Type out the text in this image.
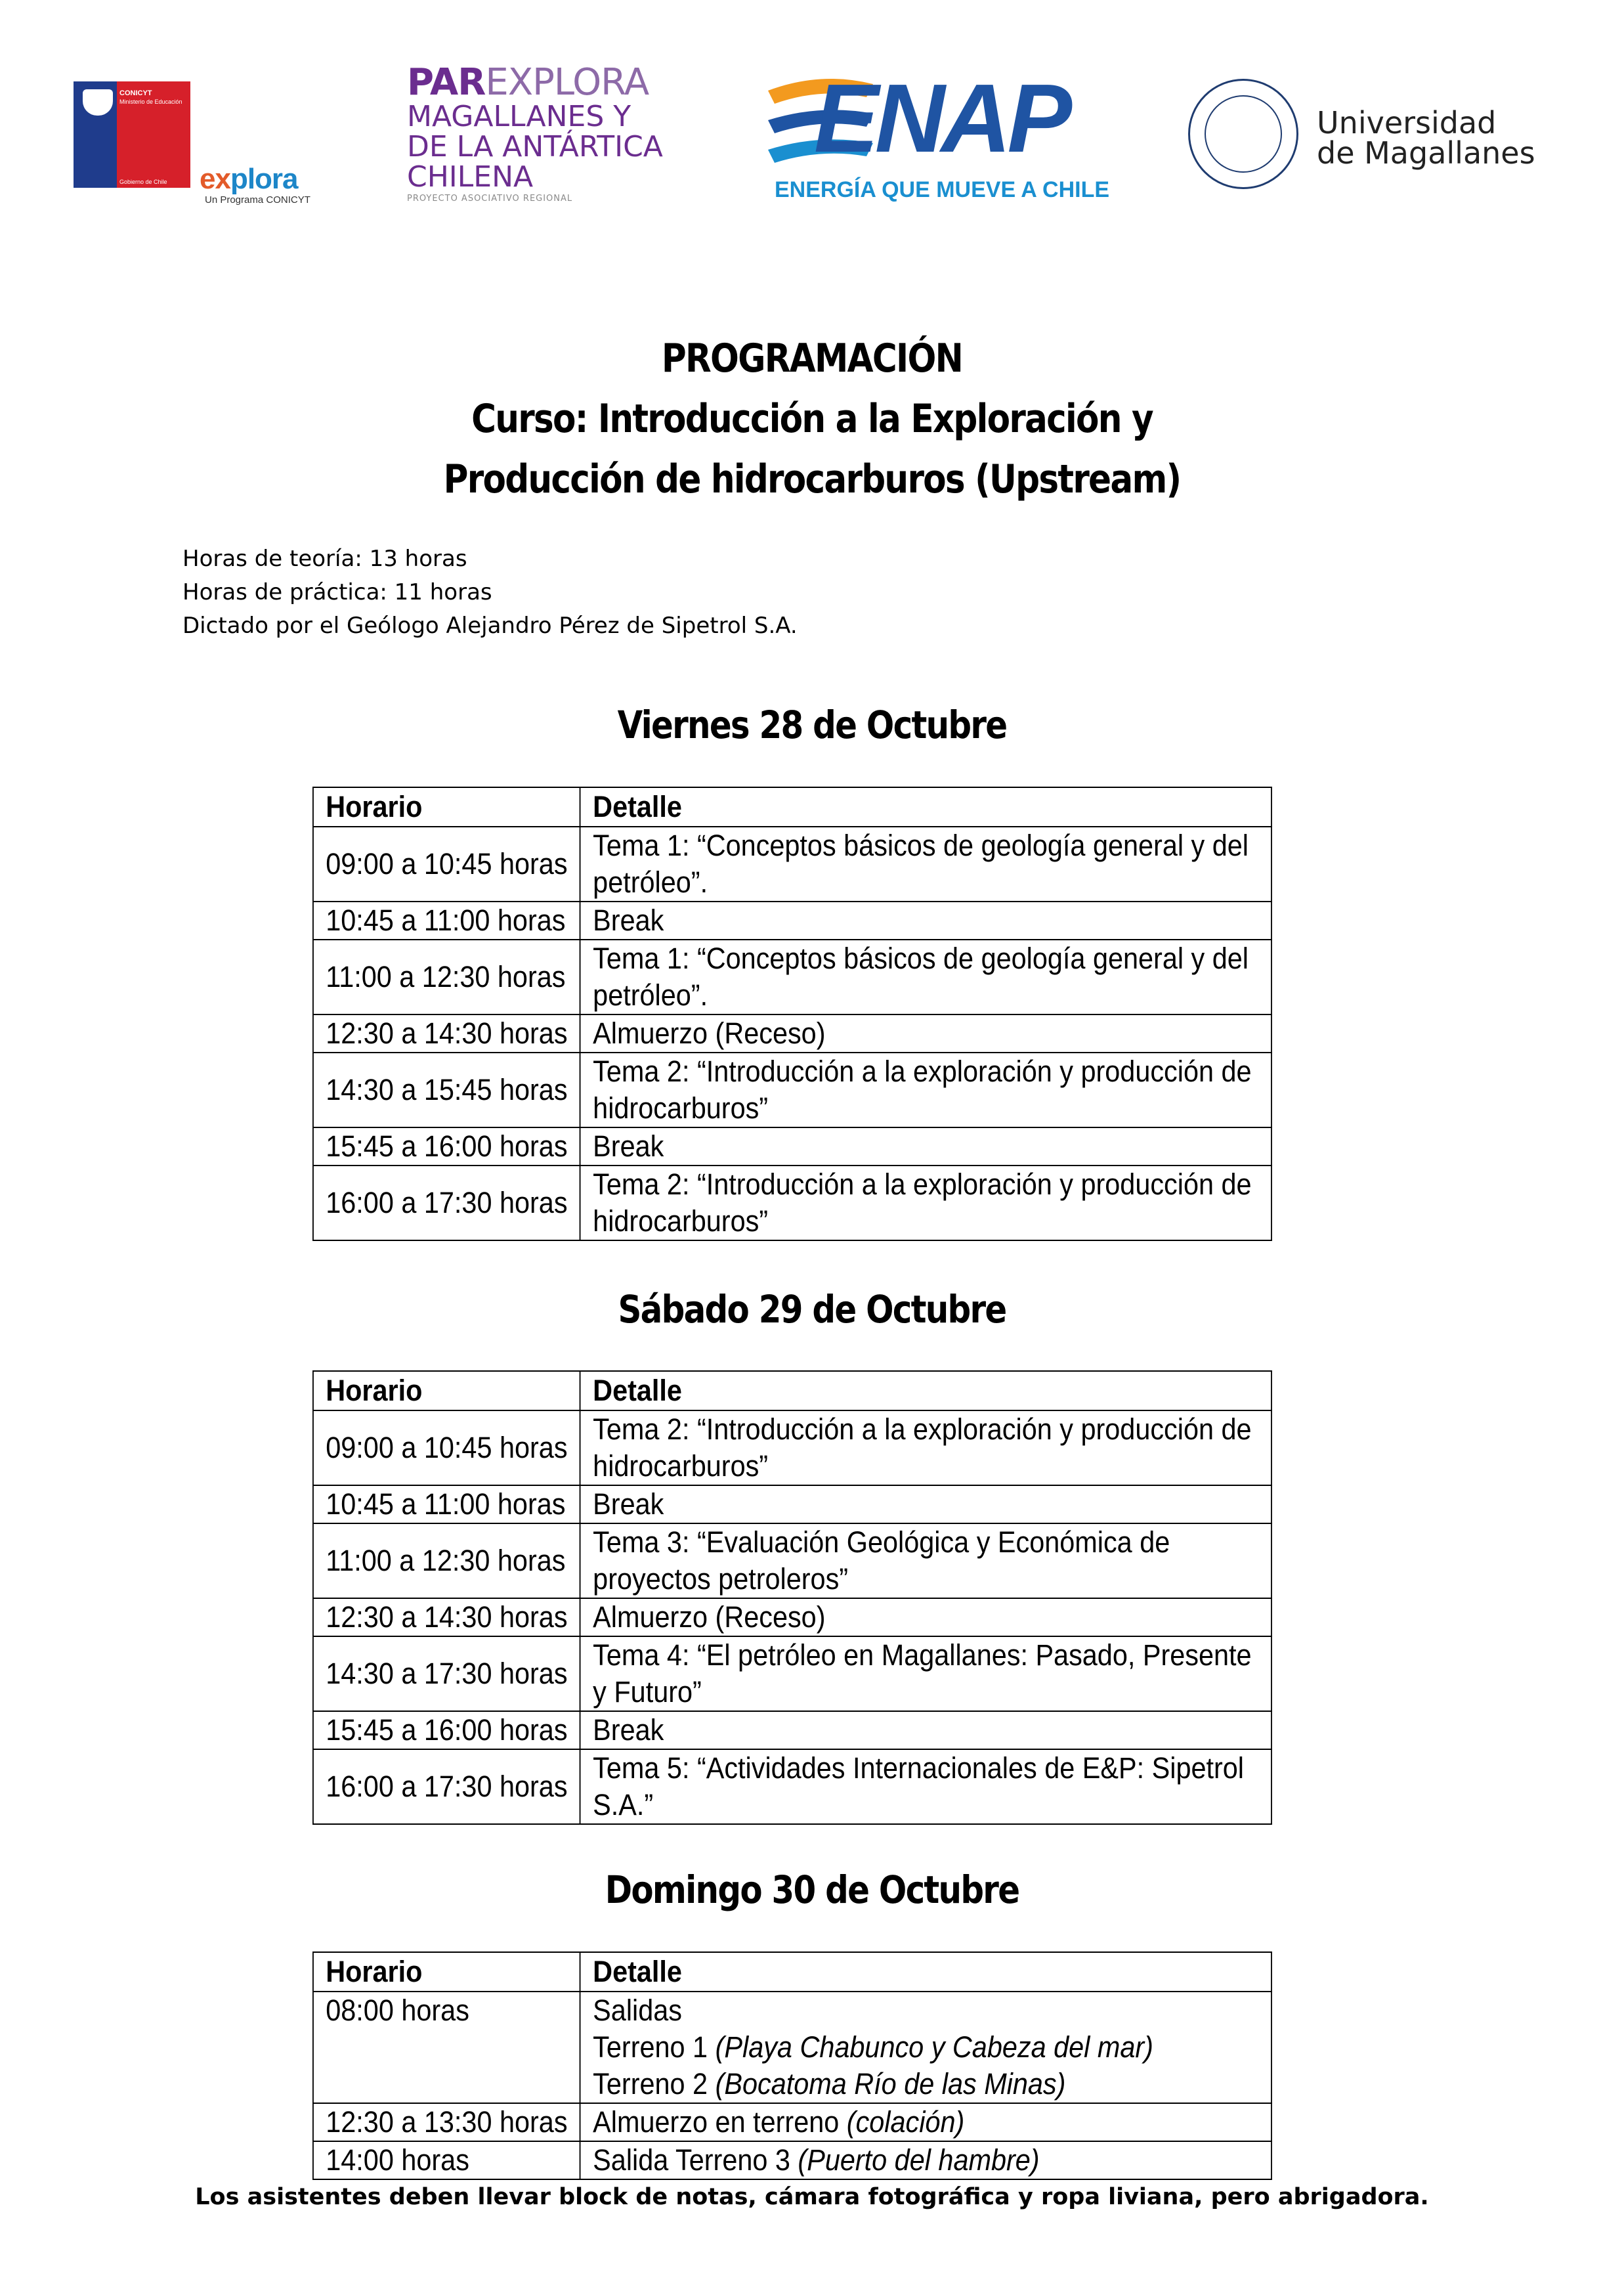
CONICYT
Ministerio de Educación
Gobierno de Chile explora
Un Programa CONICYT
PAREXPLORA
MAGALLANES Y
DE LA ANTÁRTICA
CHILENA
PROYECTO ASOCIATIVO REGIONAL
ENAP
ENERGÍA QUE MUEVE A CHILE
Universidad
de Magallanes
PROGRAMACIÓN
Curso: Introducción a la Exploración y
Producción de hidrocarburos (Upstream)
Horas de teoría: 13 horas
Horas de práctica: 11 horas
Dictado por el Geólogo Alejandro Pérez de Sipetrol S.A.
Viernes 28 de Octubre
Horario	Detalle
09:00 a 10:45 horas	Tema 1: “Conceptos básicos de geología general y del petróleo”.
10:45 a 11:00 horas	Break
11:00 a 12:30 horas	Tema 1: “Conceptos básicos de geología general y del petróleo”.
12:30 a 14:30 horas	Almuerzo (Receso)
14:30 a 15:45 horas	Tema 2: “Introducción a la exploración y producción de hidrocarburos”
15:45 a 16:00 horas	Break
16:00 a 17:30 horas	Tema 2: “Introducción a la exploración y producción de hidrocarburos”
Sábado 29 de Octubre
Horario	Detalle
09:00 a 10:45 horas	Tema 2: “Introducción a la exploración y producción de hidrocarburos”
10:45 a 11:00 horas	Break
11:00 a 12:30 horas	Tema 3: “Evaluación Geológica y Económica de proyectos petroleros”
12:30 a 14:30 horas	Almuerzo (Receso)
14:30 a 17:30 horas	Tema 4: “El petróleo en Magallanes: Pasado, Presente y Futuro”
15:45 a 16:00 horas	Break
16:00 a 17:30 horas	Tema 5: “Actividades Internacionales de E&P: Sipetrol S.A.”
Domingo 30 de Octubre
Horario	Detalle
08:00 horas	Salidas
Terreno 1 (Playa Chabunco y Cabeza del mar)
Terreno 2 (Bocatoma Río de las Minas)

12:30 a 13:30 horas	Almuerzo en terreno (colación)
14:00 horas	Salida Terreno 3 (Puerto del hambre)
Los asistentes deben llevar block de notas, cámara fotográfica y ropa liviana, pero abrigadora.
